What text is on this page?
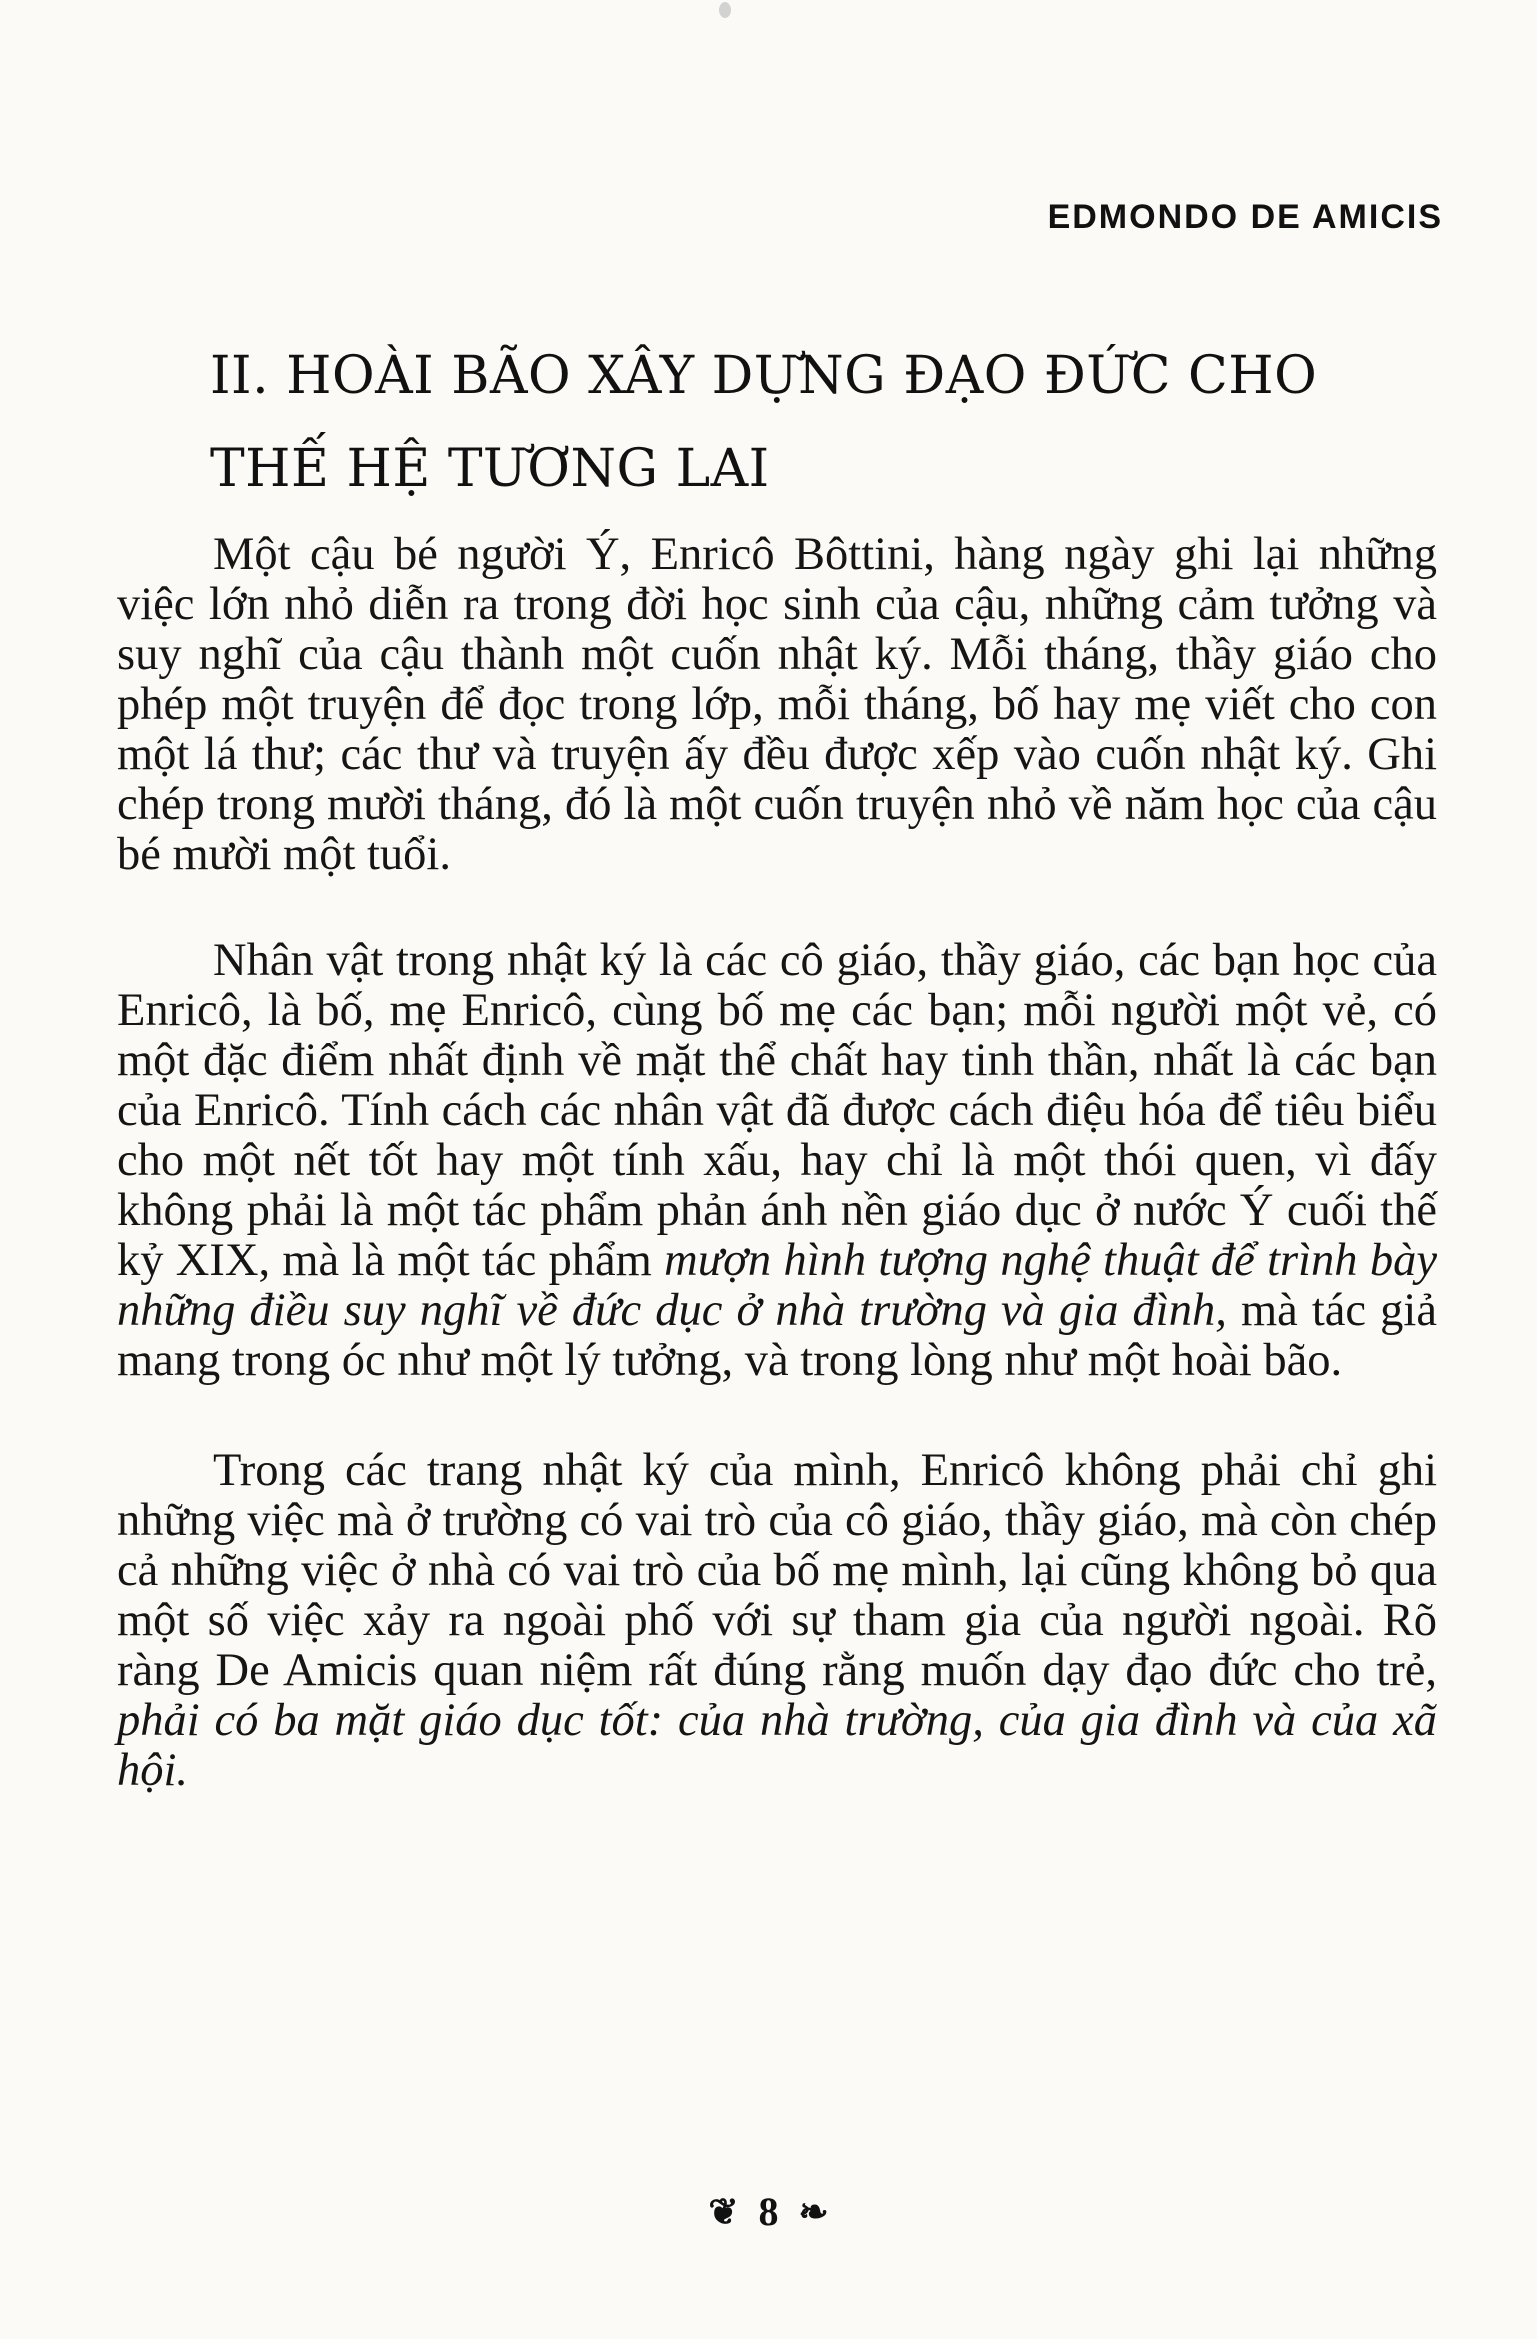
EDMONDO DE AMICIS
II. HOÀI BÃO XÂY DỰNG ĐẠO ĐỨC CHO
THẾ HỆ TƯƠNG LAI

Một cậu bé người Ý, Enricô Bôttini, hàng ngày ghi lại những việc lớn nhỏ diễn ra trong đời học sinh của cậu, những cảm tưởng và suy nghĩ của cậu thành một cuốn nhật ký. Mỗi tháng, thầy giáo cho phép một truyện để đọc trong lớp, mỗi tháng, bố hay mẹ viết cho con một lá thư; các thư và truyện ấy đều được xếp vào cuốn nhật ký. Ghi chép trong mười tháng, đó là một cuốn truyện nhỏ về năm học của cậu bé mười một tuổi.

Nhân vật trong nhật ký là các cô giáo, thầy giáo, các bạn học của Enricô, là bố, mẹ Enricô, cùng bố mẹ các bạn; mỗi người một vẻ, có một đặc điểm nhất định về mặt thể chất hay tinh thần, nhất là các bạn của Enricô. Tính cách các nhân vật đã được cách điệu hóa để tiêu biểu cho một nết tốt hay một tính xấu, hay chỉ là một thói quen, vì đấy không phải là một tác phẩm phản ánh nền giáo dục ở nước Ý cuối thế kỷ XIX, mà là một tác phẩm mượn hình tượng nghệ thuật để trình bày những điều suy nghĩ về đức dục ở nhà trường và gia đình, mà tác giả mang trong óc như một lý tưởng, và trong lòng như một hoài bão.

Trong các trang nhật ký của mình, Enricô không phải chỉ ghi những việc mà ở trường có vai trò của cô giáo, thầy giáo, mà còn chép cả những việc ở nhà có vai trò của bố mẹ mình, lại cũng không bỏ qua một số việc xảy ra ngoài phố với sự tham gia của người ngoài. Rõ ràng De Amicis quan niệm rất đúng rằng muốn dạy đạo đức cho trẻ, phải có ba mặt giáo dục tốt: của nhà trường, của gia đình và của xã hội.

❦ 8 ❧
